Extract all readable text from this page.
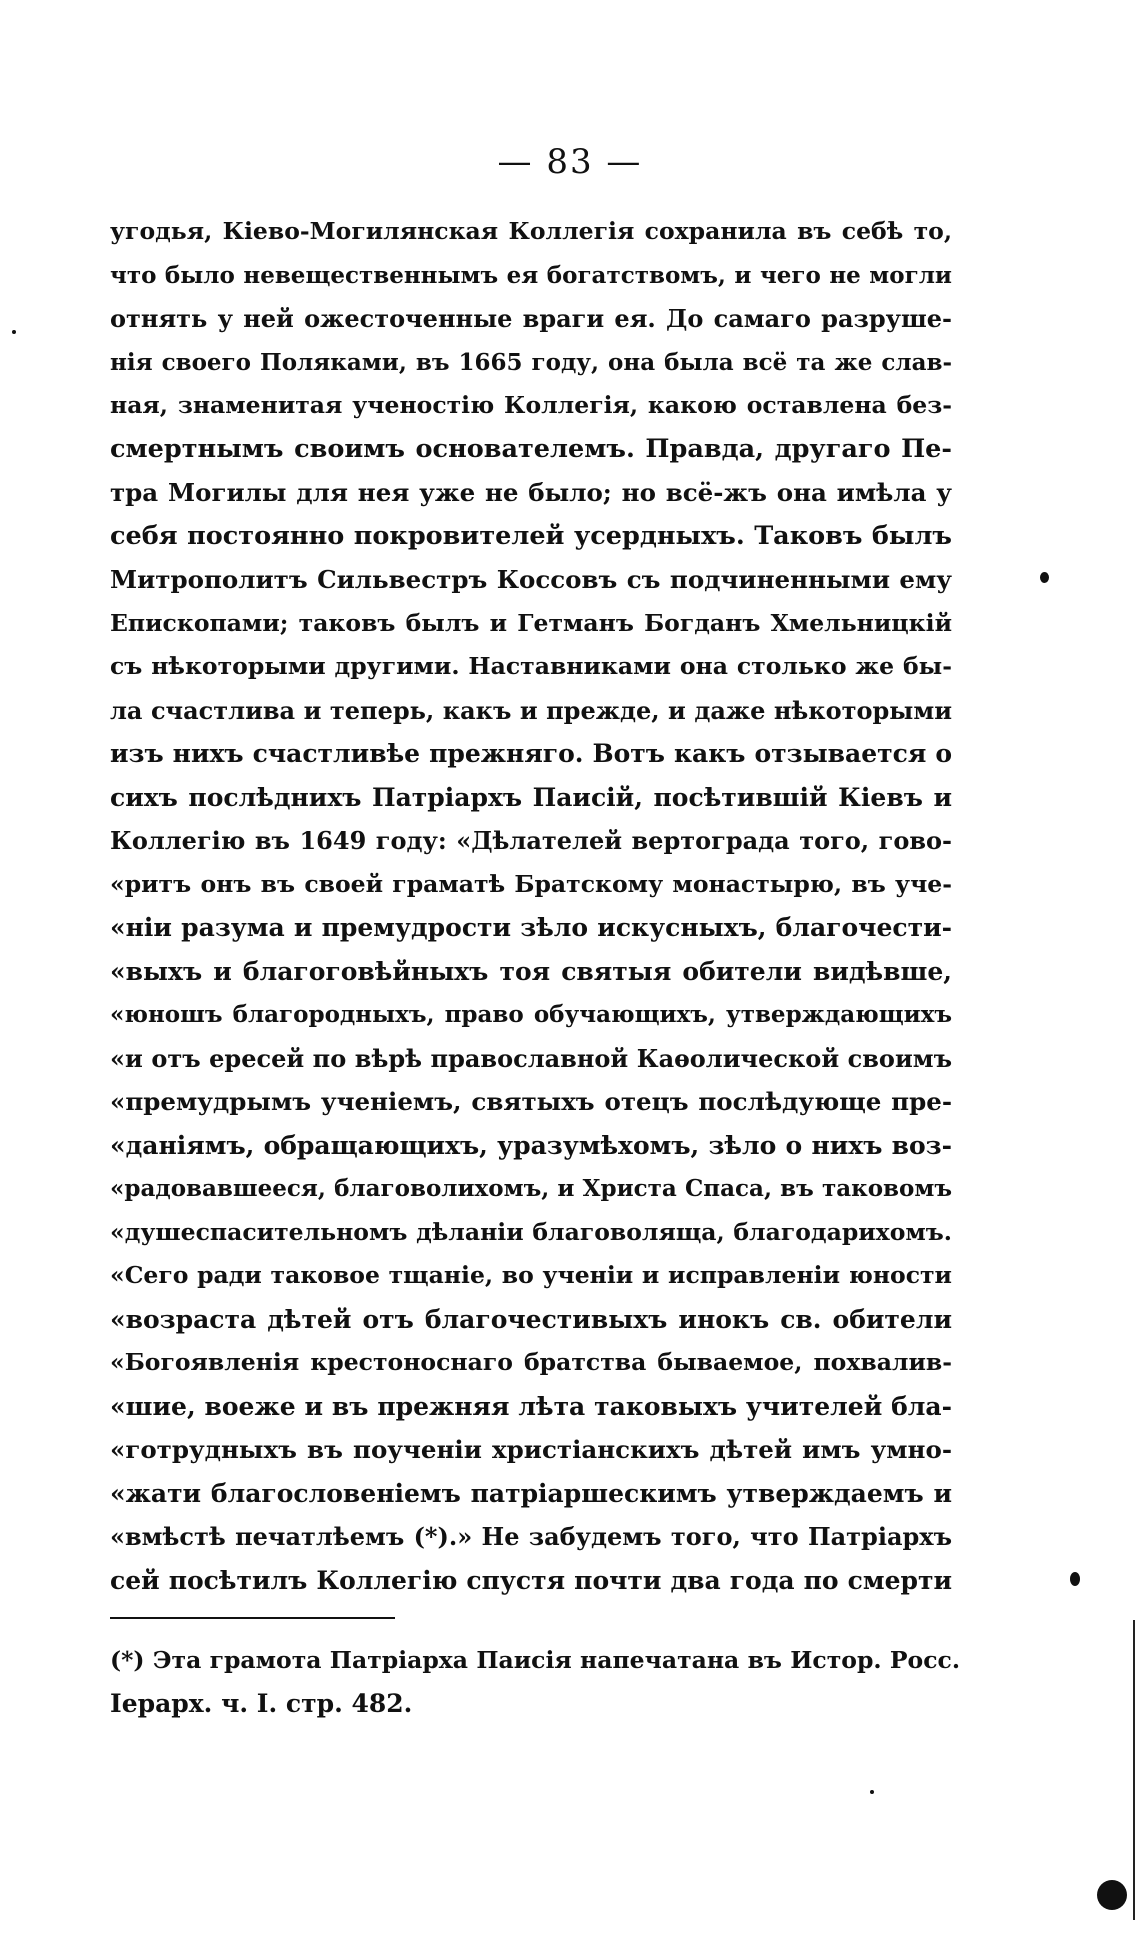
— 83 —
угодья, Кіево-Могилянская Коллегія сохранила въ себѣ то,
что было невещественнымъ ея богатствомъ, и чего не могли
отнять у ней ожесточенные враги ея. До самаго разруше-
нія своего Поляками, въ 1665 году, она была всё та же слав-
ная, знаменитая ученостію Коллегія, какою оставлена без-
смертнымъ своимъ основателемъ. Правда, другаго Пе-
тра Могилы для нея уже не было; но всё-жъ она имѣла у
себя постоянно покровителей усердныхъ. Таковъ былъ
Митрополитъ Сильвестръ Коссовъ съ подчиненными ему
Епископами; таковъ былъ и Гетманъ Богданъ Хмельницкій
съ нѣкоторыми другими. Наставниками она столько же бы-
ла счастлива и теперь, какъ и прежде, и даже нѣкоторыми
изъ нихъ счастливѣе прежняго. Вотъ какъ отзывается о
сихъ послѣднихъ Патріархъ Паисій, посѣтившій Кіевъ и
Коллегію въ 1649 году: «Дѣлателей вертограда того, гово-
«ритъ онъ въ своей граматѣ Братскому монастырю, въ уче-
«ніи разума и премудрости зѣло искусныхъ, благочести-
«выхъ и благоговѣйныхъ тоя святыя обители видѣвше,
«юношъ благородныхъ, право обучающихъ, утверждающихъ
«и отъ ересей по вѣрѣ православной Каѳолической своимъ
«премудрымъ ученіемъ, святыхъ отецъ послѣдующе пре-
«даніямъ, обращающихъ, уразумѣхомъ, зѣло о нихъ воз-
«радовавшееся, благоволихомъ, и Христа Спаса, въ таковомъ
«душеспасительномъ дѣланіи благоволяща, благодарихомъ.
«Сего ради таковое тщаніе, во ученіи и исправленіи юности
«возраста дѣтей отъ благочестивыхъ инокъ св. обители
«Богоявленія крестоноснаго братства бываемое, похвалив-
«шие, воеже и въ прежняя лѣта таковыхъ учителей бла-
«готрудныхъ въ поученіи христіанскихъ дѣтей имъ умно-
«жати благословеніемъ патріаршескимъ утверждаемъ и
«вмѣстѣ печатлѣемъ (*).» Не забудемъ того, что Патріархъ
сей посѣтилъ Коллегію спустя почти два года по смерти
(*) Эта грамота Патріарха Паисія напечатана въ Истор. Росс.
Іерарх. ч. I. стр. 482.
